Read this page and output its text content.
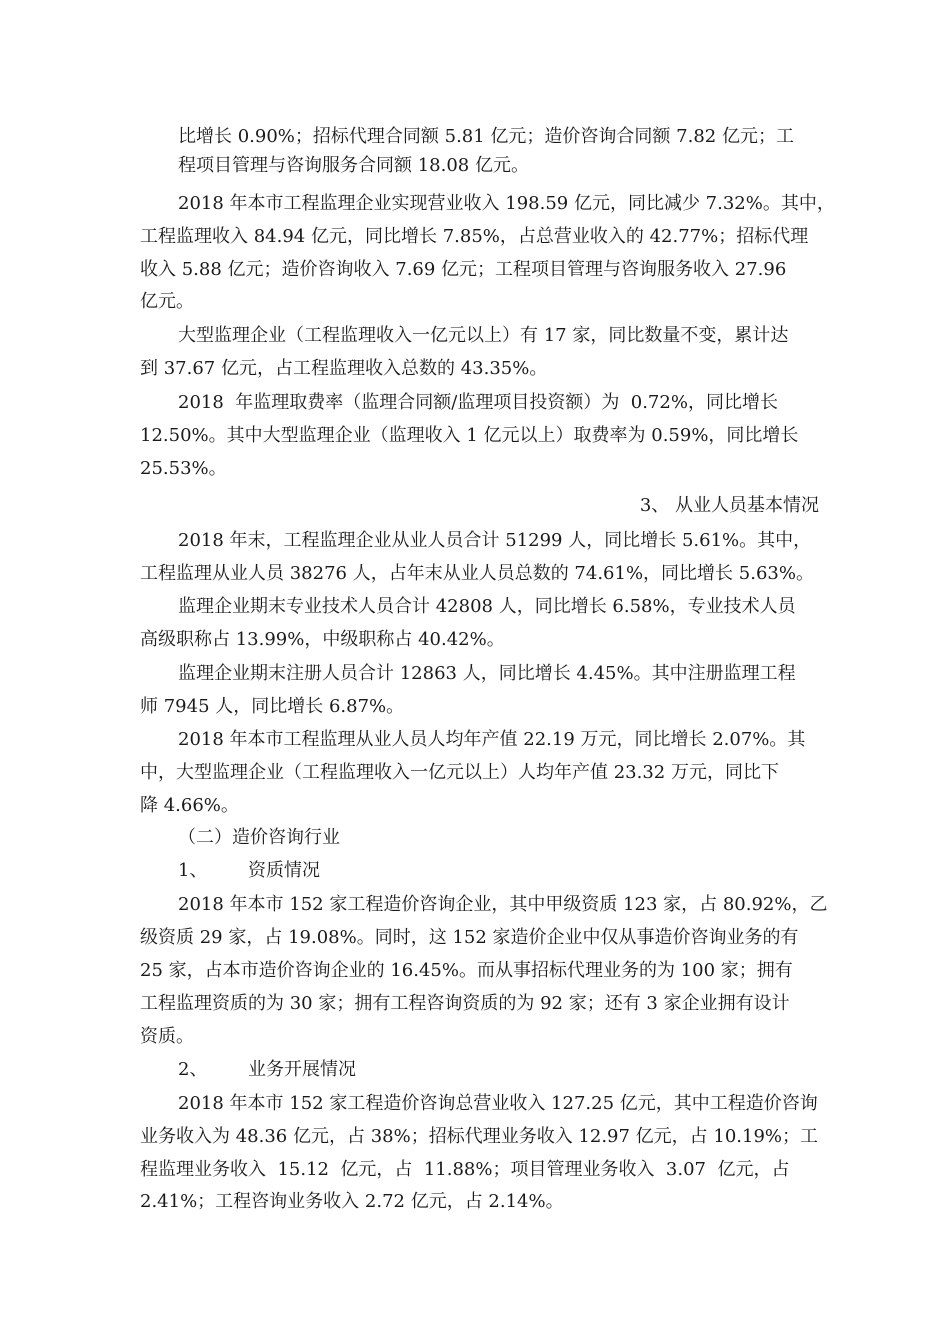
比增长 0.90%；招标代理合同额 5.81 亿元；造价咨询合同额 7.82 亿元；工
程项目管理与咨询服务合同额 18.08 亿元。
2018 年本市工程监理企业实现营业收入 198.59 亿元，同比减少 7.32%。其中，
工程监理收入 84.94 亿元，同比增长 7.85%，占总营业收入的 42.77%；招标代理
收入 5.88 亿元；造价咨询收入 7.69 亿元；工程项目管理与咨询服务收入 27.96
亿元。
大型监理企业（工程监理收入一亿元以上）有 17 家，同比数量不变，累计达
到 37.67 亿元，占工程监理收入总数的 43.35%。
2018  年监理取费率（监理合同额/监理项目投资额）为  0.72%，同比增长
12.50%。其中大型监理企业（监理收入 1 亿元以上）取费率为 0.59%，同比增长
25.53%。
3、 从业人员基本情况
2018 年末，工程监理企业从业人员合计 51299 人，同比增长 5.61%。其中，
工程监理从业人员 38276 人，占年末从业人员总数的 74.61%，同比增长 5.63%。
监理企业期末专业技术人员合计 42808 人，同比增长 6.58%，专业技术人员
高级职称占 13.99%，中级职称占 40.42%。
监理企业期末注册人员合计 12863 人，同比增长 4.45%。其中注册监理工程
师 7945 人，同比增长 6.87%。
2018 年本市工程监理从业人员人均年产值 22.19 万元，同比增长 2.07%。其
中，大型监理企业（工程监理收入一亿元以上）人均年产值 23.32 万元，同比下
降 4.66%。
（二）造价咨询行业
1、 资质情况
2018 年本市 152 家工程造价咨询企业，其中甲级资质 123 家，占 80.92%，乙
级资质 29 家，占 19.08%。同时，这 152 家造价企业中仅从事造价咨询业务的有
25 家，占本市造价咨询企业的 16.45%。而从事招标代理业务的为 100 家；拥有
工程监理资质的为 30 家；拥有工程咨询资质的为 92 家；还有 3 家企业拥有设计
资质。
2、 业务开展情况
2018 年本市 152 家工程造价咨询总营业收入 127.25 亿元，其中工程造价咨询
业务收入为 48.36 亿元，占 38%；招标代理业务收入 12.97 亿元，占 10.19%；工
程监理业务收入  15.12  亿元，占  11.88%；项目管理业务收入  3.07  亿元，占
2.41%；工程咨询业务收入 2.72 亿元，占 2.14%。
